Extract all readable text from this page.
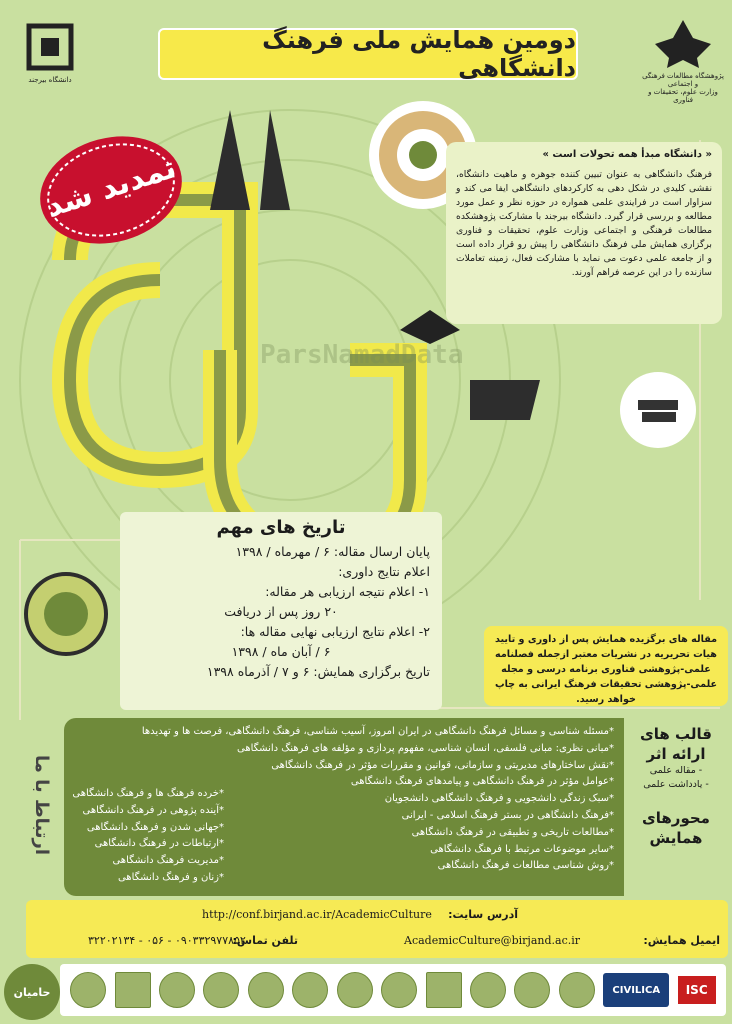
دومین همایش ملی فرهنگ دانشگاهی	پژوهشگاه مطالعات فرهنگی و اجتماعی
وزارت علوم، تحقیقات و فناوری
دانشگاه بیرجند
تمدید شد	« دانشگاه مبدأ همه تحولات است »
فرهنگ دانشگاهی به عنوان تبیین کننده جوهره و ماهیت دانشگاه، نقشی کلیدی در شکل دهی به کارکردهای دانشگاهی ایفا می کند و سزاوار است در فرایندی علمی همواره در حوزه نظر و عمل مورد مطالعه و بررسی قرار گیرد. دانشگاه بیرجند با مشارکت پژوهشکده مطالعات فرهنگی و اجتماعی وزارت علوم، تحقیقات و فناوری برگزاری همایش ملی فرهنگ دانشگاهی را پیش رو قرار داده است و از جامعه علمی دعوت می نماید با مشارکت فعال، زمینه تعاملات سازنده را در این عرصه فراهم آورند.
ParsNamadData
تاریخ های مهم
پایان ارسال مقاله: ۶ / مهرماه / ۱۳۹۸
اعلام نتایج داوری:
۱- اعلام نتیجه ارزیابی هر مقاله:
۲۰ روز پس از دریافت
۲- اعلام نتایج ارزیابی نهایی مقاله ها:
۶ / آبان ماه / ۱۳۹۸
تاریخ برگزاری همایش: ۶ و ۷ / آذرماه ۱۳۹۸
مقاله های برگزیده همایش پس از داوری و تایید هیات تحریریه در نشریات معتبر ازجمله فصلنامه علمی-پژوهشی فناوری برنامه درسی و مجله علمی-پژوهشی تحقیقات فرهنگ ایرانی به چاپ خواهد رسید.
*مسئله شناسی و مسائل فرهنگ دانشگاهی در ایران امروز، آسیب شناسی، فرهنگ دانشگاهی، فرصت ها و تهدیدها
*مبانی نظری: مبانی فلسفی، انسان شناسی، مفهوم پردازی و مؤلفه های فرهنگ دانشگاهی
*نقش ساختارهای مدیریتی و سازمانی، قوانین و مقررات مؤثر در فرهنگ دانشگاهی
*عوامل مؤثر در فرهنگ دانشگاهی و پیامدهای فرهنگ دانشگاهی
*سبک زندگی دانشجویی و فرهنگ دانشگاهی دانشجویان
*فرهنگ دانشگاهی در بستر فرهنگ اسلامی - ایرانی
*مطالعات تاریخی و تطبیقی در فرهنگ دانشگاهی
*سایر موضوعات مرتبط با فرهنگ دانشگاهی
*روش شناسی مطالعات فرهنگ دانشگاهی
*خرده فرهنگ ها و فرهنگ دانشگاهی
*آینده پژوهی در فرهنگ دانشگاهی
*جهانی شدن و فرهنگ دانشگاهی
*ارتباطات در فرهنگ دانشگاهی
*مدیریت فرهنگ دانشگاهی
*زنان و فرهنگ دانشگاهی
قالب های ارائه اثر
- مقاله علمی
- یادداشت علمی
محورهای همایش
ارتباط با ما
آدرس سایت:
http://conf.birjand.ac.ir/AcademicCulture
ایمیل همایش:
AcademicCulture@birjand.ac.ir
تلفن تماس:
۰۹۰۳۳۲۹۷۷۸۵۲ - ۰۵۶ - ۳۲۲۰۲۱۳۴
حامیان	CIVILICA	ISC
